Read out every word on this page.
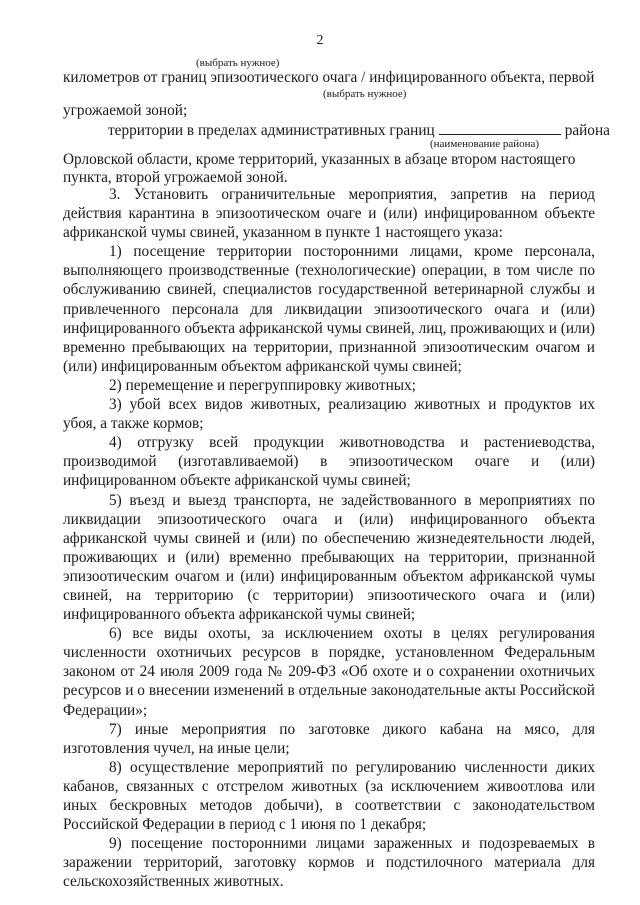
2
(выбрать нужное)
километров от границ эпизоотического очага / инфицированного объекта, первой
(выбрать нужное)
угрожаемой зоной;
территории в пределах административных границ	района
(наименование района)
Орловской области, кроме территорий, указанных в абзаце втором настоящего
пункта, второй угрожаемой зоной.

3. Установить ограничительные мероприятия, запретив на период действия карантина в эпизоотическом очаге и (или) инфицированном объекте африканской чумы свиней, указанном в пункте 1 настоящего указа:

1) посещение территории посторонними лицами, кроме персонала, выполняющего производственные (технологические) операции, в том числе по обслуживанию свиней, специалистов государственной ветеринарной службы и привлеченного персонала для ликвидации эпизоотического очага и (или) инфицированного объекта африканской чумы свиней, лиц, проживающих и (или) временно пребывающих на территории, признанной эпизоотическим очагом и (или) инфицированным объектом африканской чумы свиней;

2) перемещение и перегруппировку животных;

3) убой всех видов животных, реализацию животных и продуктов их убоя, а также кормов;

4) отгрузку всей продукции животноводства и растениеводства, производимой (изготавливаемой) в эпизоотическом очаге и (или) инфицированном объекте африканской чумы свиней;

5) въезд и выезд транспорта, не задействованного в мероприятиях по ликвидации эпизоотического очага и (или) инфицированного объекта африканской чумы свиней и (или) по обеспечению жизнедеятельности людей, проживающих и (или) временно пребывающих на территории, признанной эпизоотическим очагом и (или) инфицированным объектом африканской чумы свиней, на территорию (с территории) эпизоотического очага и (или) инфицированного объекта африканской чумы свиней;

6) все виды охоты, за исключением охоты в целях регулирования численности охотничьих ресурсов в порядке, установленном Федеральным законом от 24 июля 2009 года № 209-ФЗ «Об охоте и о сохранении охотничьих ресурсов и о внесении изменений в отдельные законодательные акты Российской Федерации»;

7) иные мероприятия по заготовке дикого кабана на мясо, для изготовления чучел, на иные цели;

8) осуществление мероприятий по регулированию численности диких кабанов, связанных с отстрелом животных (за исключением живоотлова или иных бескровных методов добычи), в соответствии с законодательством Российской Федерации в период с 1 июня по 1 декабря;

9) посещение посторонними лицами зараженных и подозреваемых в заражении территорий, заготовку кормов и подстилочного материала для сельскохозяйственных животных.
